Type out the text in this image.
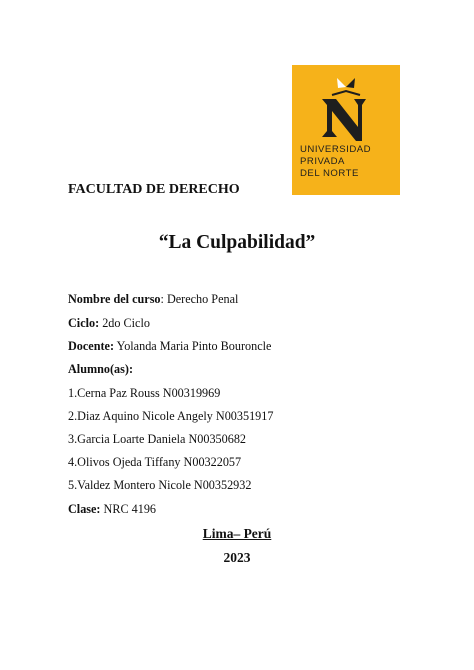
UNIVERSIDAD
PRIVADA
DEL NORTE
FACULTAD DE DERECHO
“La Culpabilidad”
Nombre del curso: Derecho Penal
Ciclo: 2do Ciclo
Docente: Yolanda Maria Pinto Bouroncle
Alumno(as):
1.Cerna Paz Rouss N00319969
2.Diaz Aquino Nicole Angely N00351917
3.Garcia Loarte Daniela N00350682
4.Olivos Ojeda Tiffany N00322057
5.Valdez Montero Nicole N00352932
Clase: NRC 4196
Lima– Perú
2023
